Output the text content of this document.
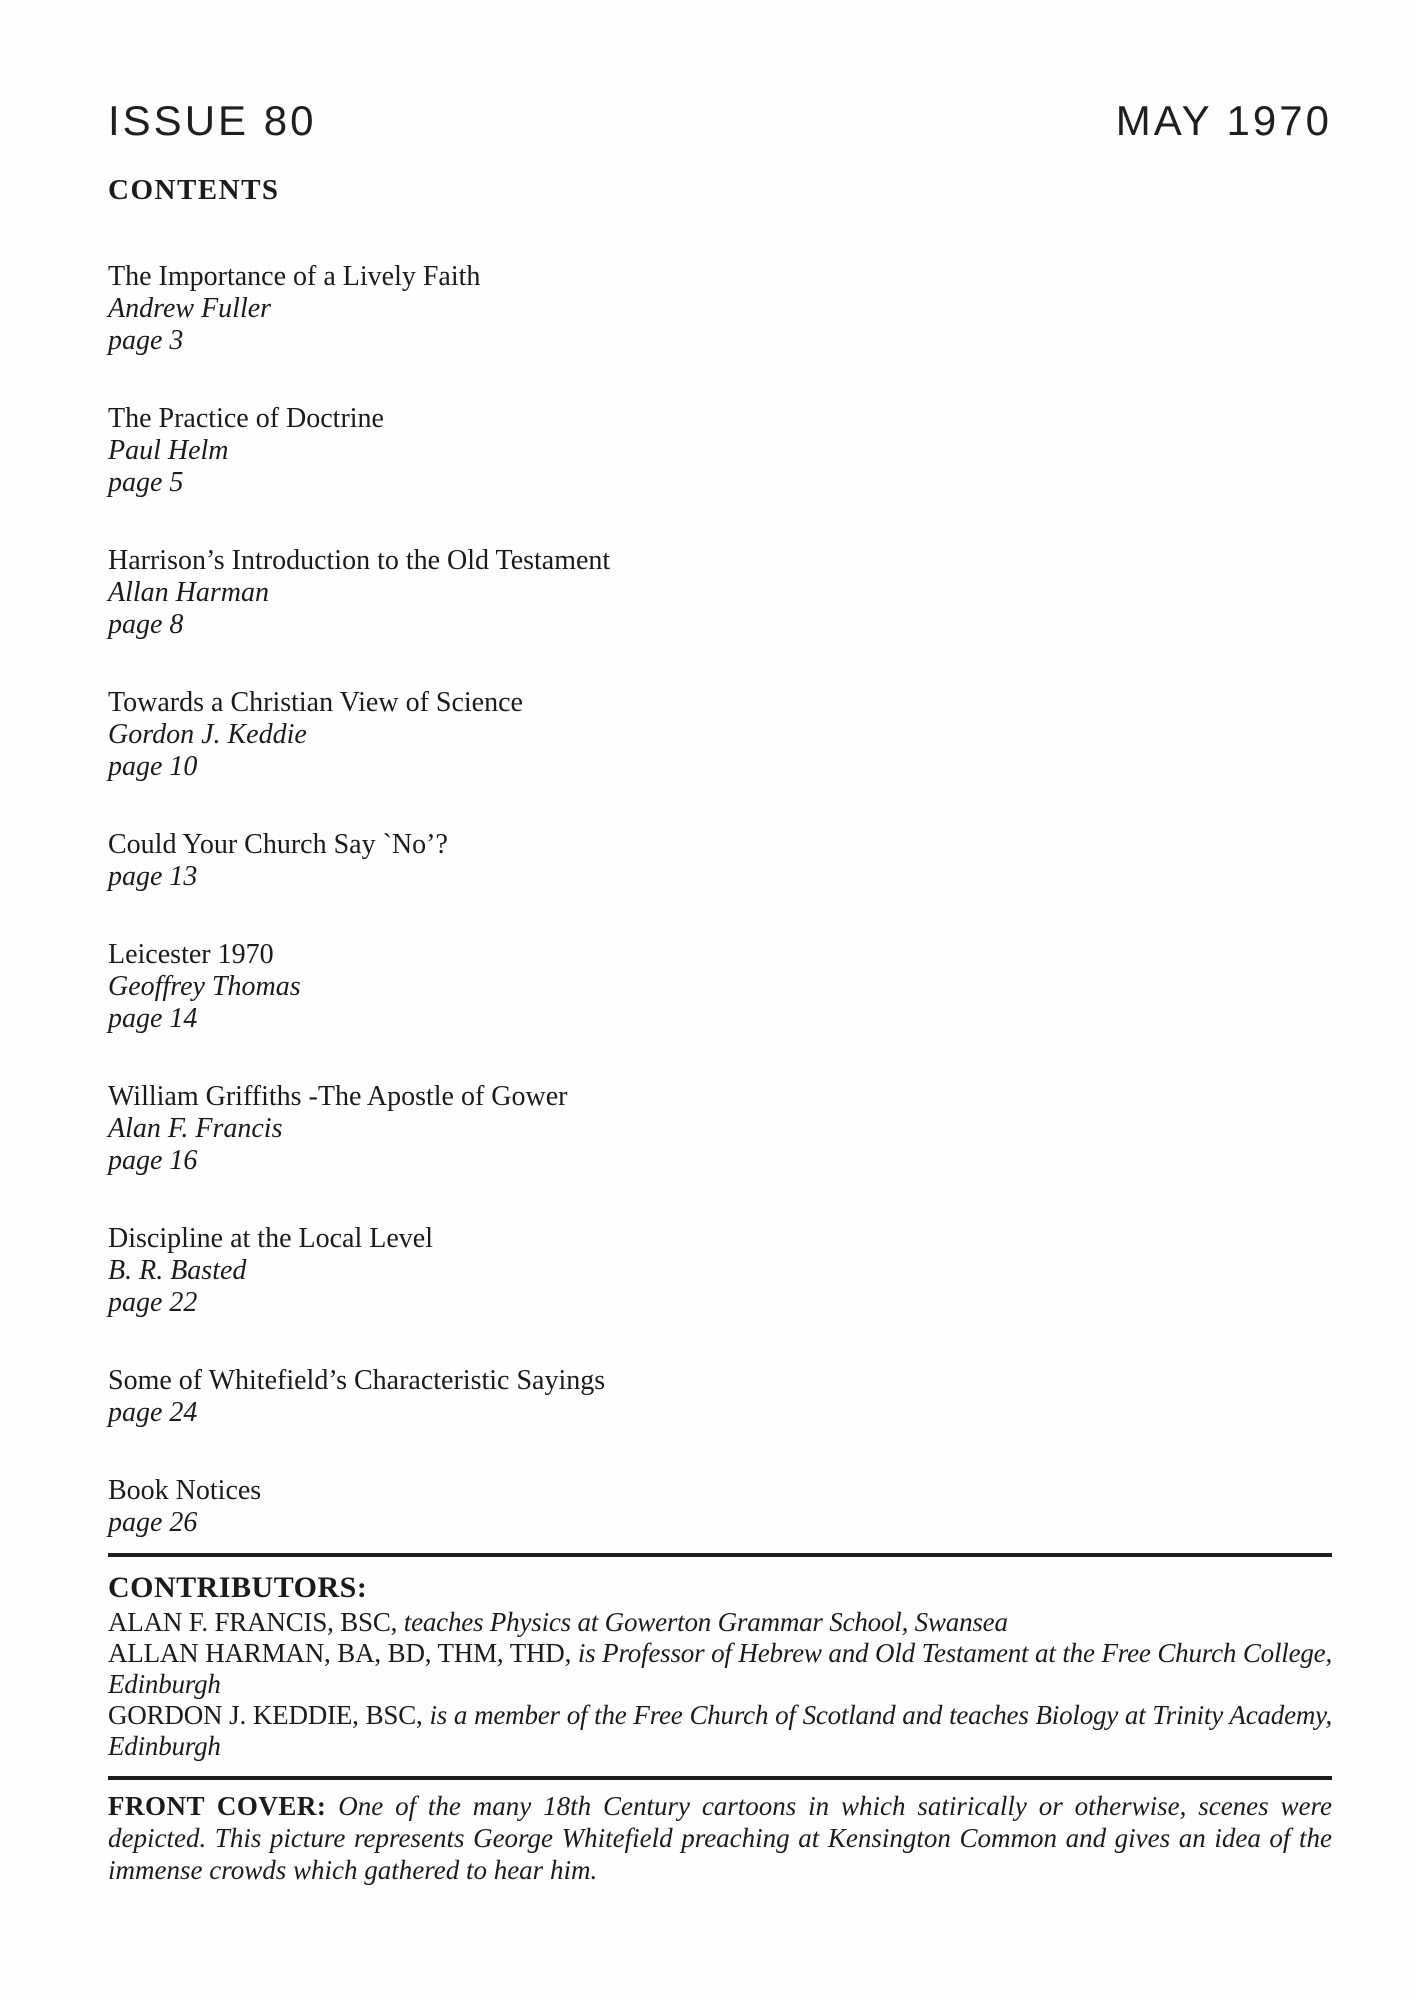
ISSUE 80	MAY 1970
CONTENTS
The Importance of a Lively Faith
Andrew Fuller
page 3
The Practice of Doctrine
Paul Helm
page 5
Harrison’s Introduction to the Old Testament
Allan Harman
page 8
Towards a Christian View of Science
Gordon J. Keddie
page 10
Could Your Church Say `No’?
page 13
Leicester 1970
Geoffrey Thomas
page 14
William Griffiths -The Apostle of Gower
Alan F. Francis
page 16
Discipline at the Local Level
B. R. Basted
page 22
Some of Whitefield’s Characteristic Sayings
page 24
Book Notices
page 26
CONTRIBUTORS:

ALAN F. FRANCIS, BSC, teaches Physics at Gowerton Grammar School, Swansea

ALLAN HARMAN, BA, BD, THM, THD, is Professor of Hebrew and Old Testament at the Free Church College, Edinburgh

GORDON J. KEDDIE, BSC, is a member of the Free Church of Scotland and teaches Biology at Trinity Academy, Edinburgh

FRONT COVER: One of the many 18th Century cartoons in which satirically or otherwise, scenes were depicted. This picture represents George Whitefield preaching at Kensington Common and gives an idea of the immense crowds which gathered to hear him.
